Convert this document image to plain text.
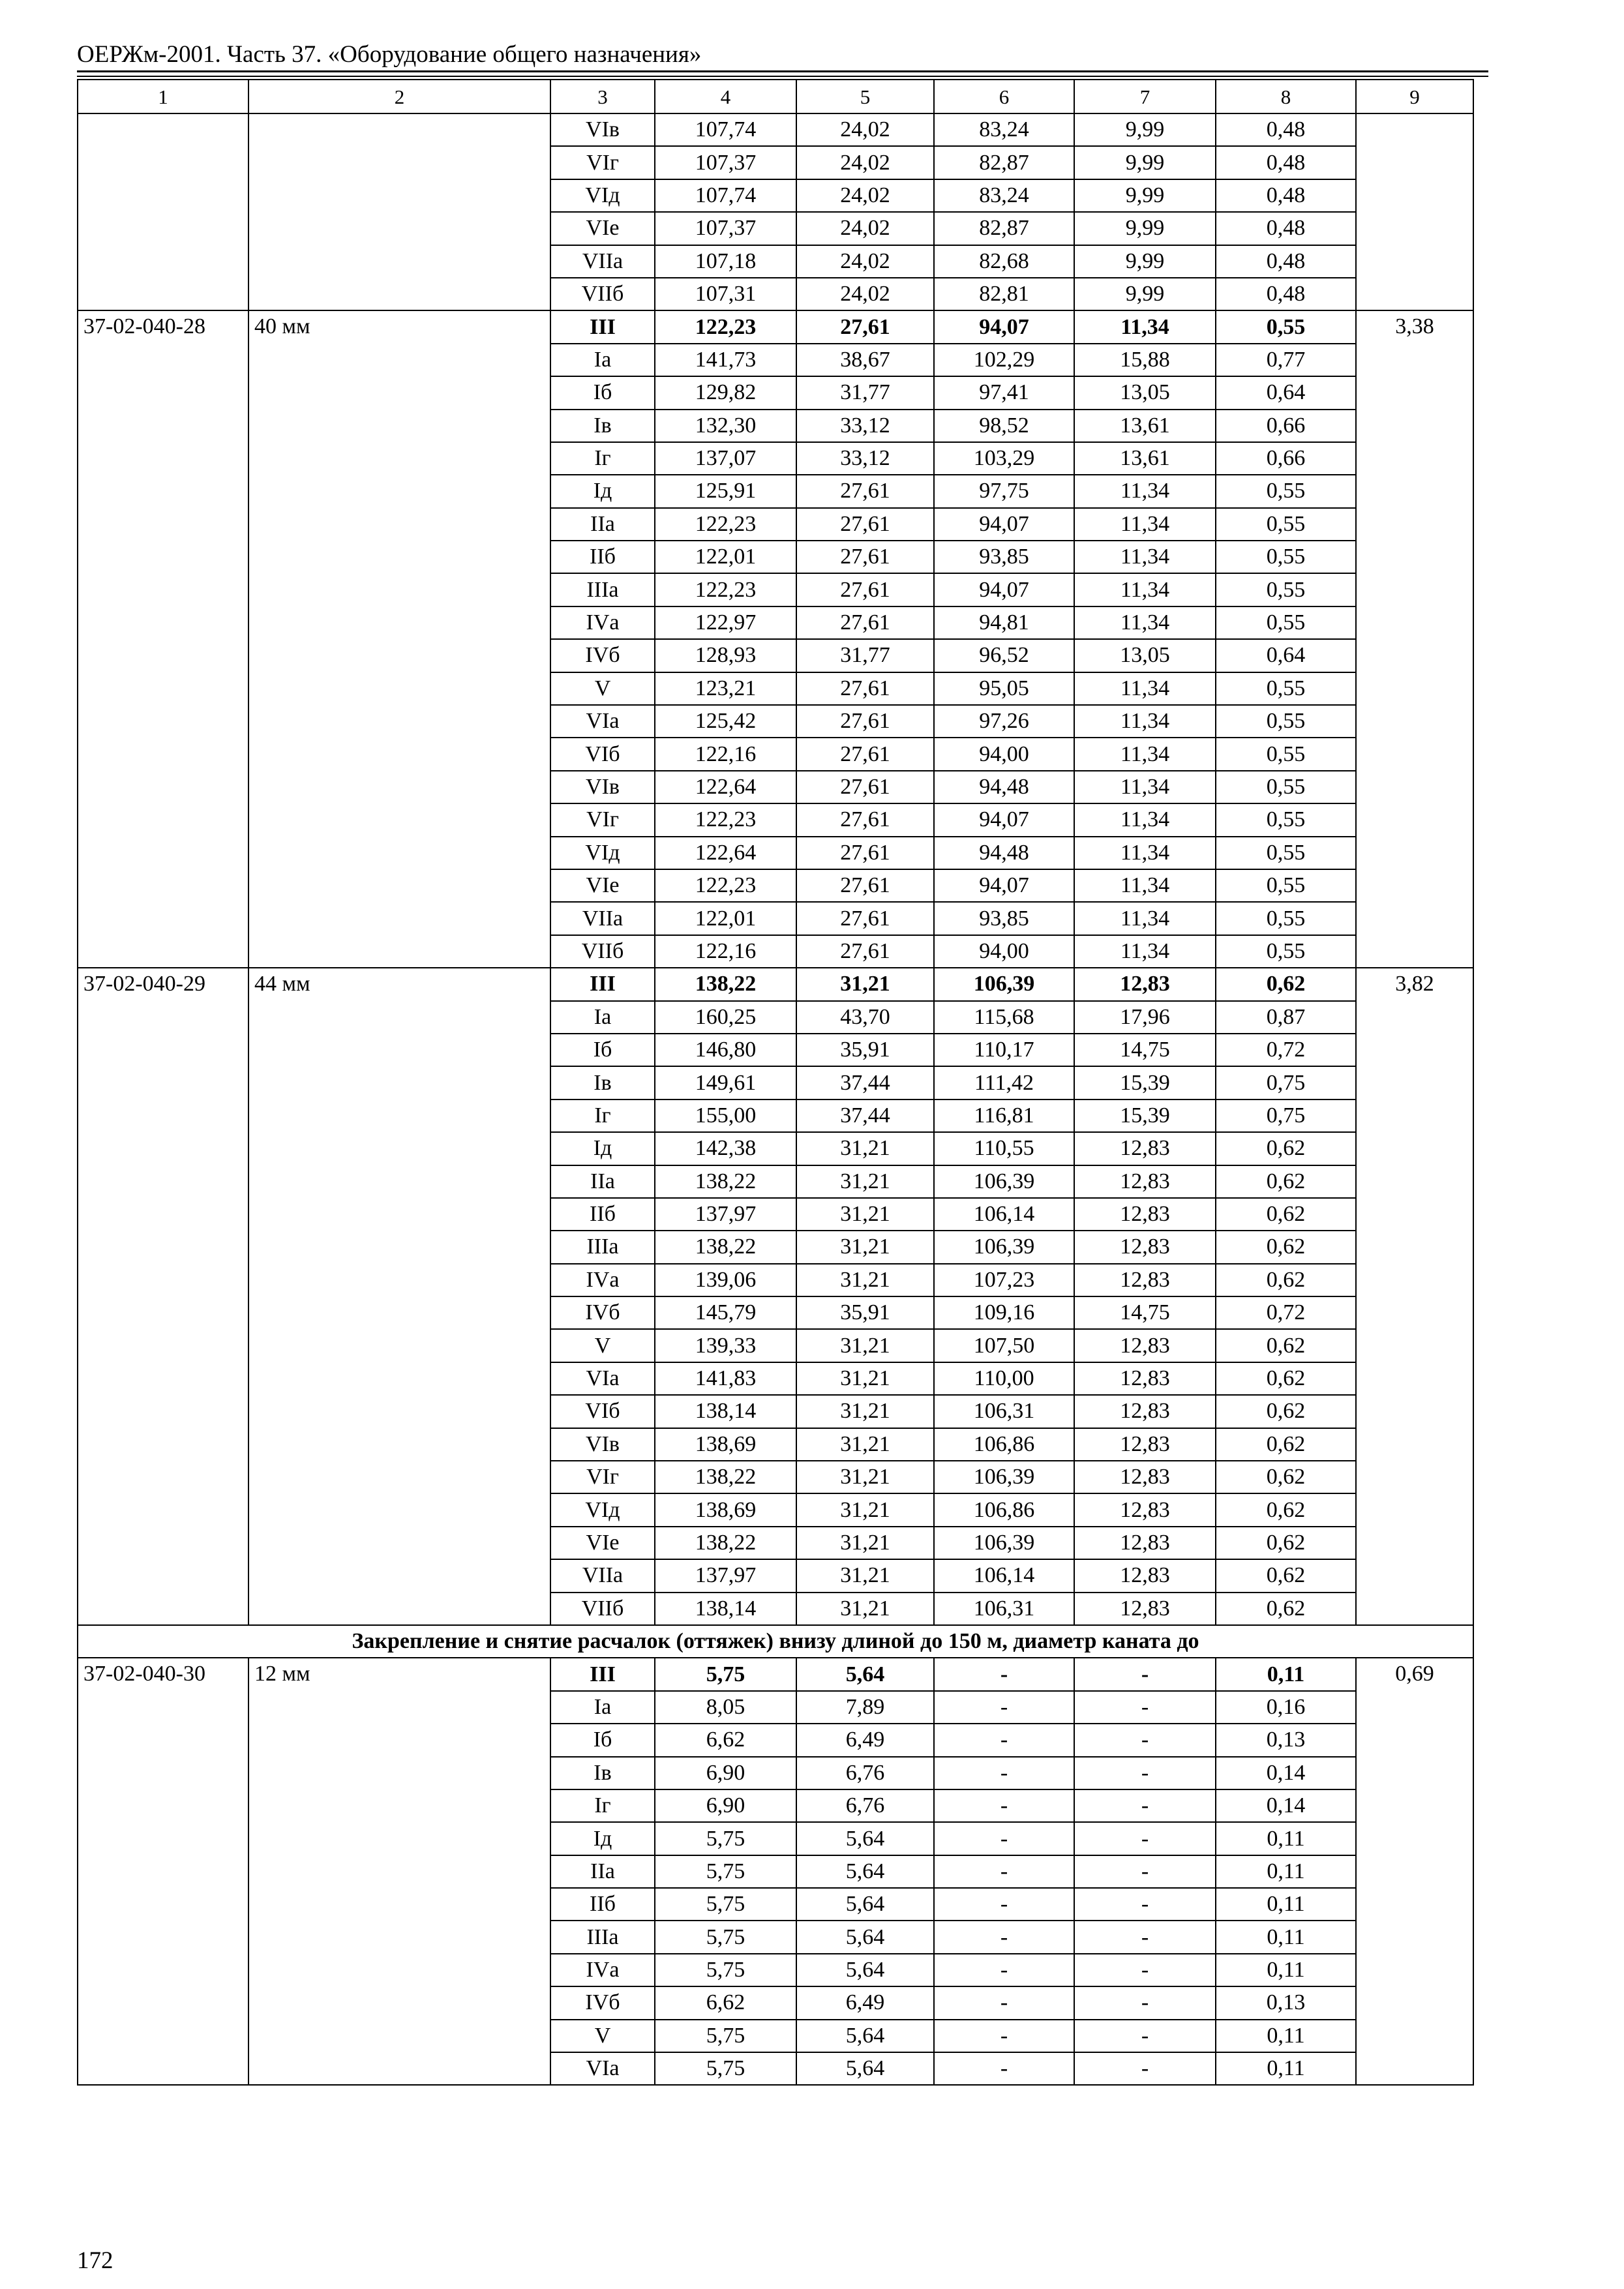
ОЕРЖм-2001. Часть 37. «Оборудование общего назначения»
1	2	3	4	5	6	7	8	9
		VIв	107,74	24,02	83,24	9,99	0,48	
		VIг	107,37	24,02	82,87	9,99	0,48	
		VIд	107,74	24,02	83,24	9,99	0,48	
		VIе	107,37	24,02	82,87	9,99	0,48	
		VIIа	107,18	24,02	82,68	9,99	0,48	
		VIIб	107,31	24,02	82,81	9,99	0,48	
37-02-040-28	40 мм	III	122,23	27,61	94,07	11,34	0,55	3,38
		Iа	141,73	38,67	102,29	15,88	0,77	
		Iб	129,82	31,77	97,41	13,05	0,64	
		Iв	132,30	33,12	98,52	13,61	0,66	
		Iг	137,07	33,12	103,29	13,61	0,66	
		Iд	125,91	27,61	97,75	11,34	0,55	
		IIа	122,23	27,61	94,07	11,34	0,55	
		IIб	122,01	27,61	93,85	11,34	0,55	
		IIIа	122,23	27,61	94,07	11,34	0,55	
		IVа	122,97	27,61	94,81	11,34	0,55	
		IVб	128,93	31,77	96,52	13,05	0,64	
		V	123,21	27,61	95,05	11,34	0,55	
		VIа	125,42	27,61	97,26	11,34	0,55	
		VIб	122,16	27,61	94,00	11,34	0,55	
		VIв	122,64	27,61	94,48	11,34	0,55	
		VIг	122,23	27,61	94,07	11,34	0,55	
		VIд	122,64	27,61	94,48	11,34	0,55	
		VIе	122,23	27,61	94,07	11,34	0,55	
		VIIа	122,01	27,61	93,85	11,34	0,55	
		VIIб	122,16	27,61	94,00	11,34	0,55	
37-02-040-29	44 мм	III	138,22	31,21	106,39	12,83	0,62	3,82
		Iа	160,25	43,70	115,68	17,96	0,87	
		Iб	146,80	35,91	110,17	14,75	0,72	
		Iв	149,61	37,44	111,42	15,39	0,75	
		Iг	155,00	37,44	116,81	15,39	0,75	
		Iд	142,38	31,21	110,55	12,83	0,62	
		IIа	138,22	31,21	106,39	12,83	0,62	
		IIб	137,97	31,21	106,14	12,83	0,62	
		IIIа	138,22	31,21	106,39	12,83	0,62	
		IVа	139,06	31,21	107,23	12,83	0,62	
		IVб	145,79	35,91	109,16	14,75	0,72	
		V	139,33	31,21	107,50	12,83	0,62	
		VIа	141,83	31,21	110,00	12,83	0,62	
		VIб	138,14	31,21	106,31	12,83	0,62	
		VIв	138,69	31,21	106,86	12,83	0,62	
		VIг	138,22	31,21	106,39	12,83	0,62	
		VIд	138,69	31,21	106,86	12,83	0,62	
		VIе	138,22	31,21	106,39	12,83	0,62	
		VIIа	137,97	31,21	106,14	12,83	0,62	
		VIIб	138,14	31,21	106,31	12,83	0,62	
Закрепление и снятие расчалок (оттяжек) внизу длиной до 150 м, диаметр каната до								
37-02-040-30	12 мм	III	5,75	5,64	-	-	0,11	0,69
		Iа	8,05	7,89	-	-	0,16	
		Iб	6,62	6,49	-	-	0,13	
		Iв	6,90	6,76	-	-	0,14	
		Iг	6,90	6,76	-	-	0,14	
		Iд	5,75	5,64	-	-	0,11	
		IIа	5,75	5,64	-	-	0,11	
		IIб	5,75	5,64	-	-	0,11	
		IIIа	5,75	5,64	-	-	0,11	
		IVа	5,75	5,64	-	-	0,11	
		IVб	6,62	6,49	-	-	0,13	
		V	5,75	5,64	-	-	0,11	
		VIа	5,75	5,64	-	-	0,11	
172
